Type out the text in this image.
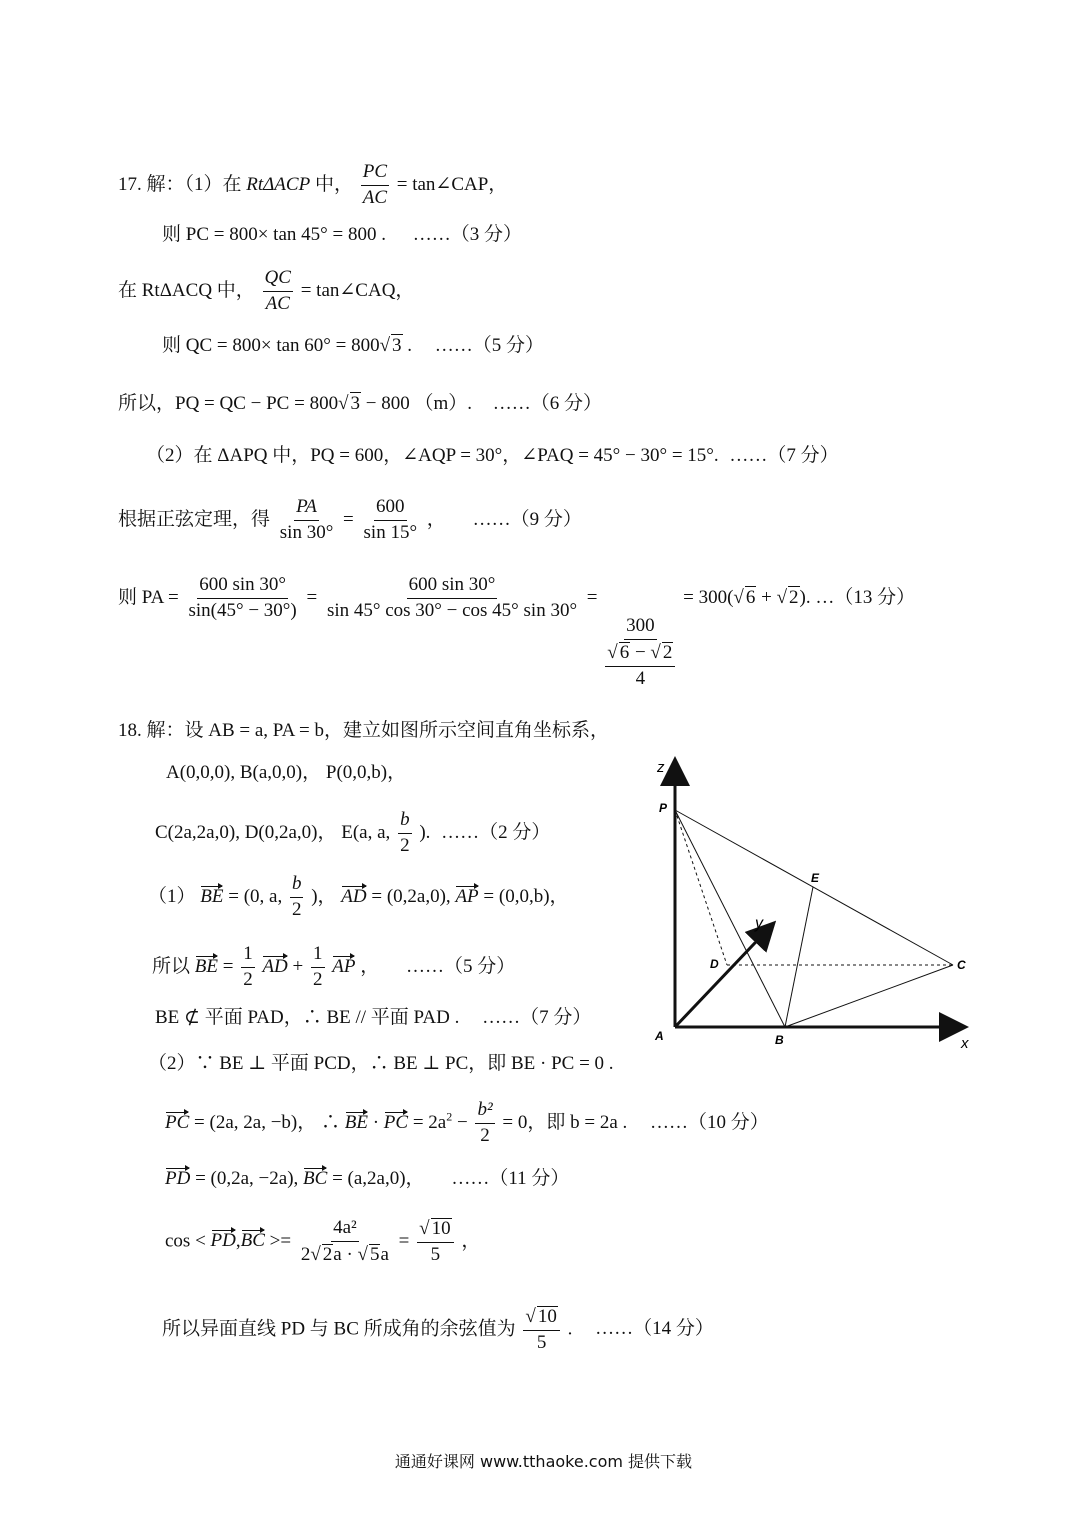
17. 解：（1）在 RtΔACP 中， $\frac{PC}{AC}$ = tan∠CAP，
则 PC = 800× tan 45° = 800 . ……（3 分）
在 RtΔACQ 中， $\frac{QC}{AC}$ = tan∠CAQ，
则 QC = 800× tan 60° = 800√ 3 . ……（5 分）
所以，PQ = QC − PC = 800√ 3 − 800 （m）. ……（6 分）
（2）在 ΔAPQ 中，PQ = 600，∠AQP = 30°，∠PAQ = 45° − 30° = 15°. ……（7 分）
根据正弦定理，得 $\frac{PA}{\sin 30^\circ} = \frac{600}{\sin 15^\circ}$ ， ……（9 分）
则 PA = $\frac{600 \sin 30^\circ}{\sin(45^\circ - 30^\circ)} = \frac{600 \sin 30^\circ}{\sin 45^\circ \cos 30^\circ - \cos 45^\circ \sin 30^\circ}$ =
300
√ 6 − √ 2
4
= 300(√ 6 + √ 2). …（13 分）
18. 解：设 AB = a, PA = b，建立如图所示空间直角坐标系，
A(0,0,0), B(a,0,0)， P(0,0,b)，
C(2a,2a,0), D(0,2a,0)， E(a, a, $\frac{b}{2}$ ). ……（2 分）
（1） BE = (0, a, $\frac{b}{2}$ )， AD = (0,2a,0), AP = (0,0,b)，
所以 BE = $\frac{1}{2}$ AD + $\frac{1}{2}$ AP ， ……（5 分）
BE ⊄ 平面 PAD，∴ BE // 平面 PAD . ……（7 分）
（2）∵ BE ⊥ 平面 PCD，∴ BE ⊥ PC，即 BE · PC = 0 .
PC = (2a, 2a, −b)， ∴ BE · PC = $2a^2 - \frac{\text{b²}}{2} = 0$，即 b = 2a . ……（10 分）
PD = (0,2a, −2a), BC = (a,2a,0)， ……（11 分）
$\cos < PD,BC >= \frac{\text{4a²}}{2√ 2a \cdot √ 5a} = \frac{√ 10}{5}$ ，
所以异面直线 PD 与 BC 所成角的余弦值为 $\frac{√ 10}{5}$ . ……（14 分）
z
P
E
y
D	C
A	B	x
通通好课网 www.tthaoke.com 提供下载
